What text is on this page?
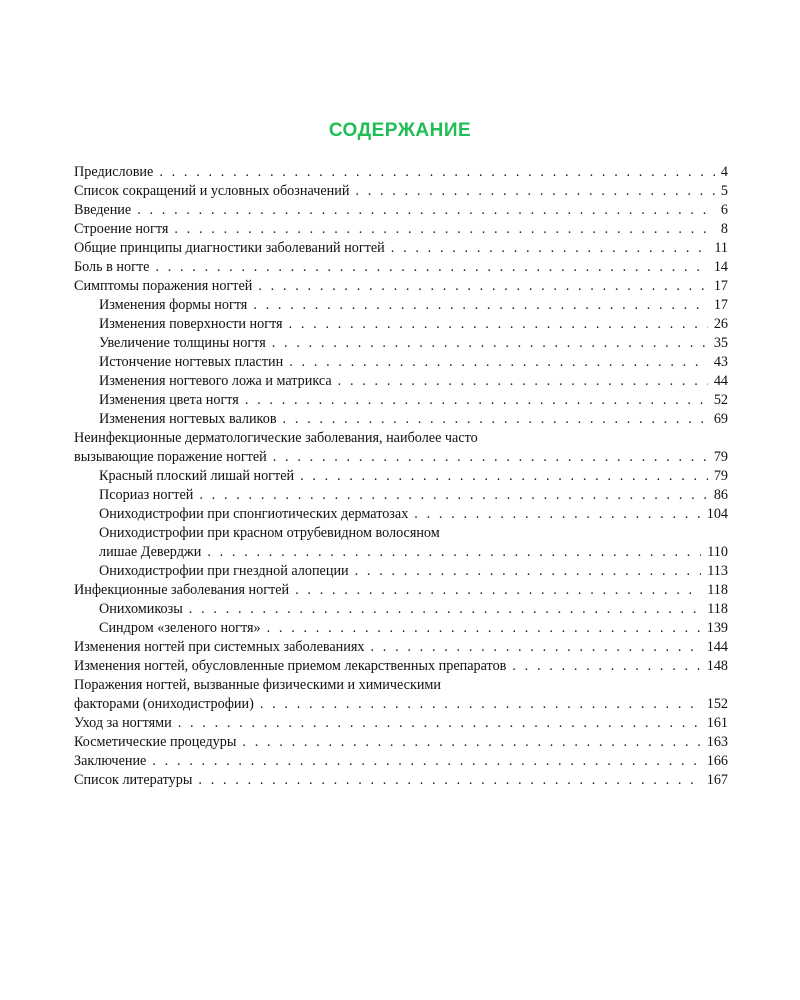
СОДЕРЖАНИЕ
Предисловие . . .	4
Список сокращений и условных обозначений . . .	5
Введение . . .	6
Строение ногтя . . .	8
Общие принципы диагностики заболеваний ногтей . . .	11
Боль в ногте . . .	14
Симптомы поражения ногтей . . .	17
Изменения формы ногтя . . .	17
Изменения поверхности ногтя . . .	26
Увеличение толщины ногтя . . .	35
Истончение ногтевых пластин . . .	43
Изменения ногтевого ложа и матрикса . . .	44
Изменения цвета ногтя . . .	52
Изменения ногтевых валиков . . .	69
Неинфекционные дерматологические заболевания, наиболее часто
вызывающие поражение ногтей . . .	79
Красный плоский лишай ногтей . . .	79
Псориаз ногтей . . .	86
Ониходистрофии при спонгиотических дерматозах . . .	104
Ониходистрофии при красном отрубевидном волосяном
лишае Деверджи . . .	110
Ониходистрофии при гнездной алопеции . . .	113
Инфекционные заболевания ногтей . . .	118
Онихомикозы . . .	118
Синдром «зеленого ногтя» . . .	139
Изменения ногтей при системных заболеваниях . . .	144
Изменения ногтей, обусловленные приемом лекарственных препаратов . . .	148
Поражения ногтей, вызванные физическими и химическими
факторами (ониходистрофии) . . .	152
Уход за ногтями . . .	161
Косметические процедуры . . .	163
Заключение . . .	166
Список литературы . . .	167
